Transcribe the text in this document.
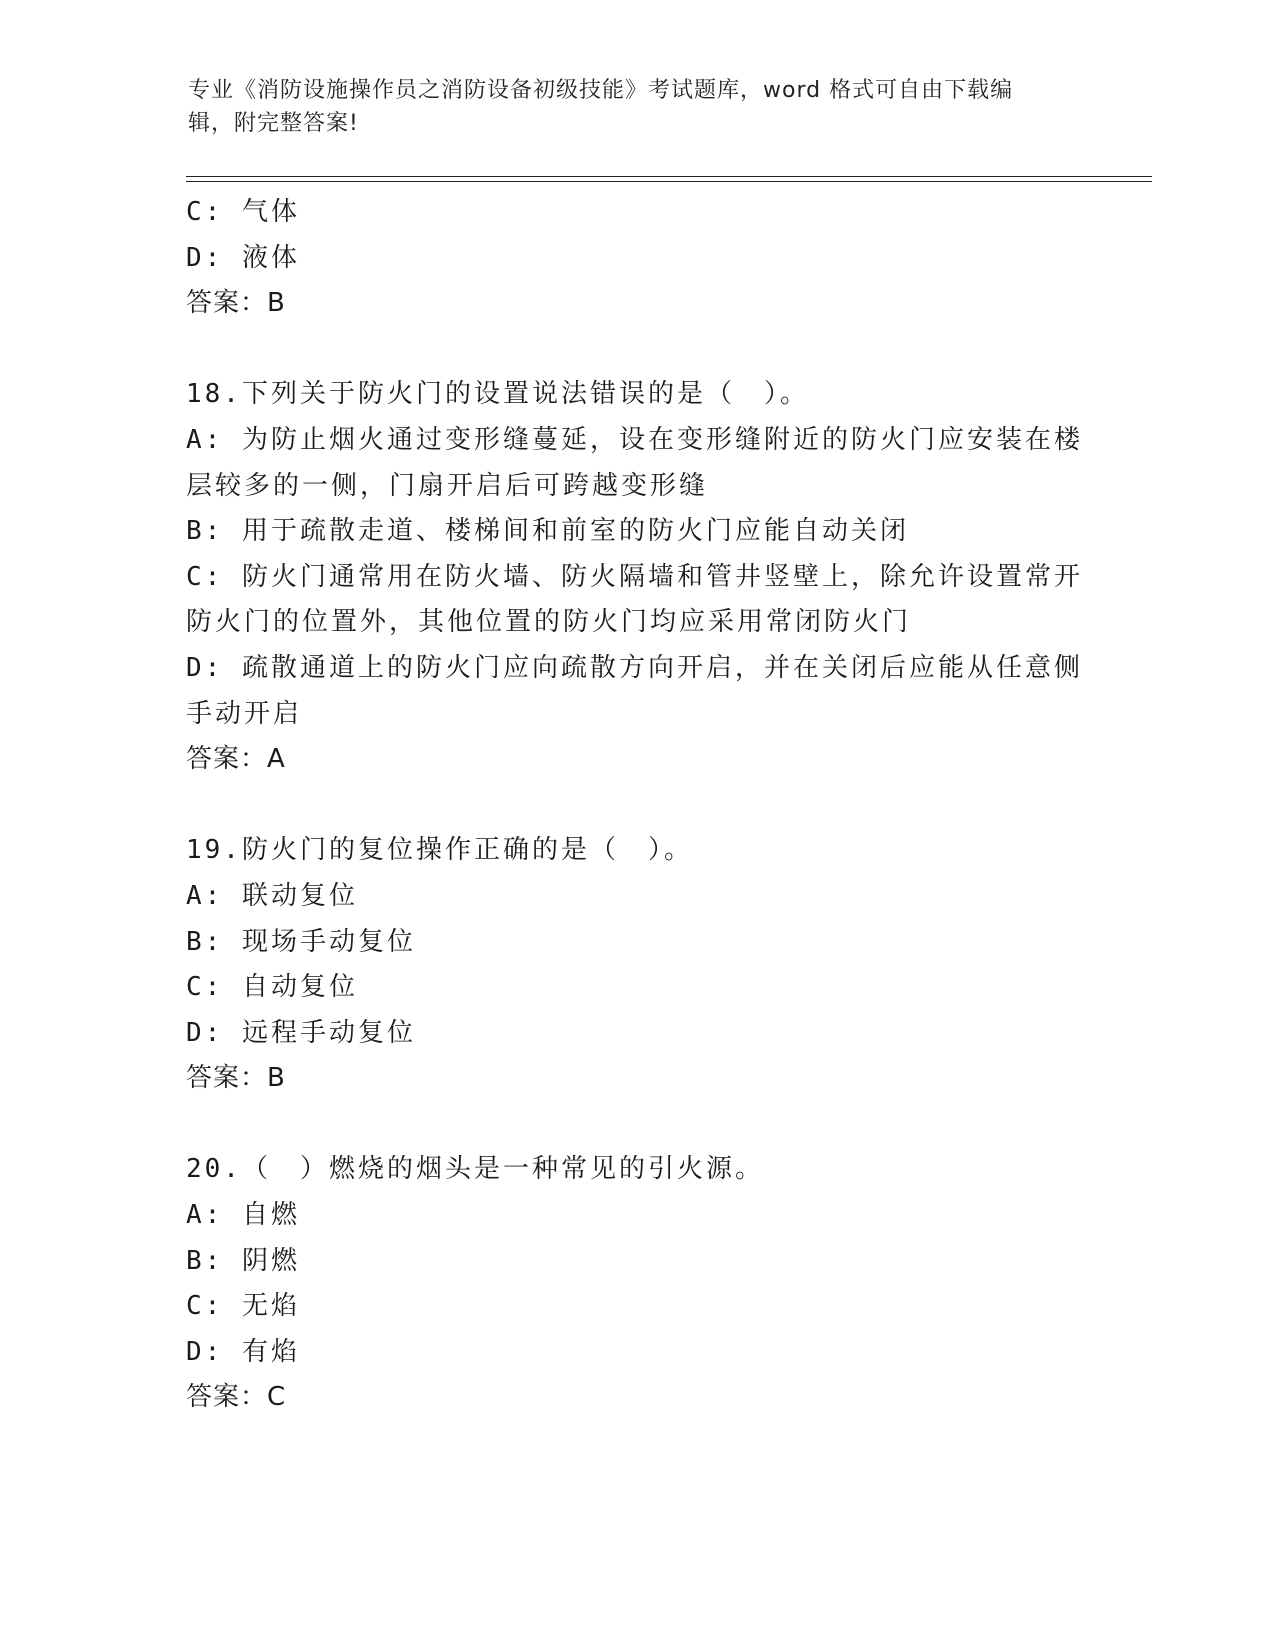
专业《消防设施操作员之消防设备初级技能》考试题库，word 格式可自由下载编
辑，附完整答案!
C: 气体
D: 液体
答案：B
18.下列关于防火门的设置说法错误的是（　）。
A: 为防止烟火通过变形缝蔓延，设在变形缝附近的防火门应安装在楼
层较多的一侧，门扇开启后可跨越变形缝
B: 用于疏散走道、楼梯间和前室的防火门应能自动关闭
C: 防火门通常用在防火墙、防火隔墙和管井竖壁上，除允许设置常开
防火门的位置外，其他位置的防火门均应采用常闭防火门
D: 疏散通道上的防火门应向疏散方向开启，并在关闭后应能从任意侧
手动开启
答案：A
19.防火门的复位操作正确的是（　）。
A: 联动复位
B: 现场手动复位
C: 自动复位
D: 远程手动复位
答案：B
20.（　）燃烧的烟头是一种常见的引火源。
A: 自燃
B: 阴燃
C: 无焰
D: 有焰
答案：C
